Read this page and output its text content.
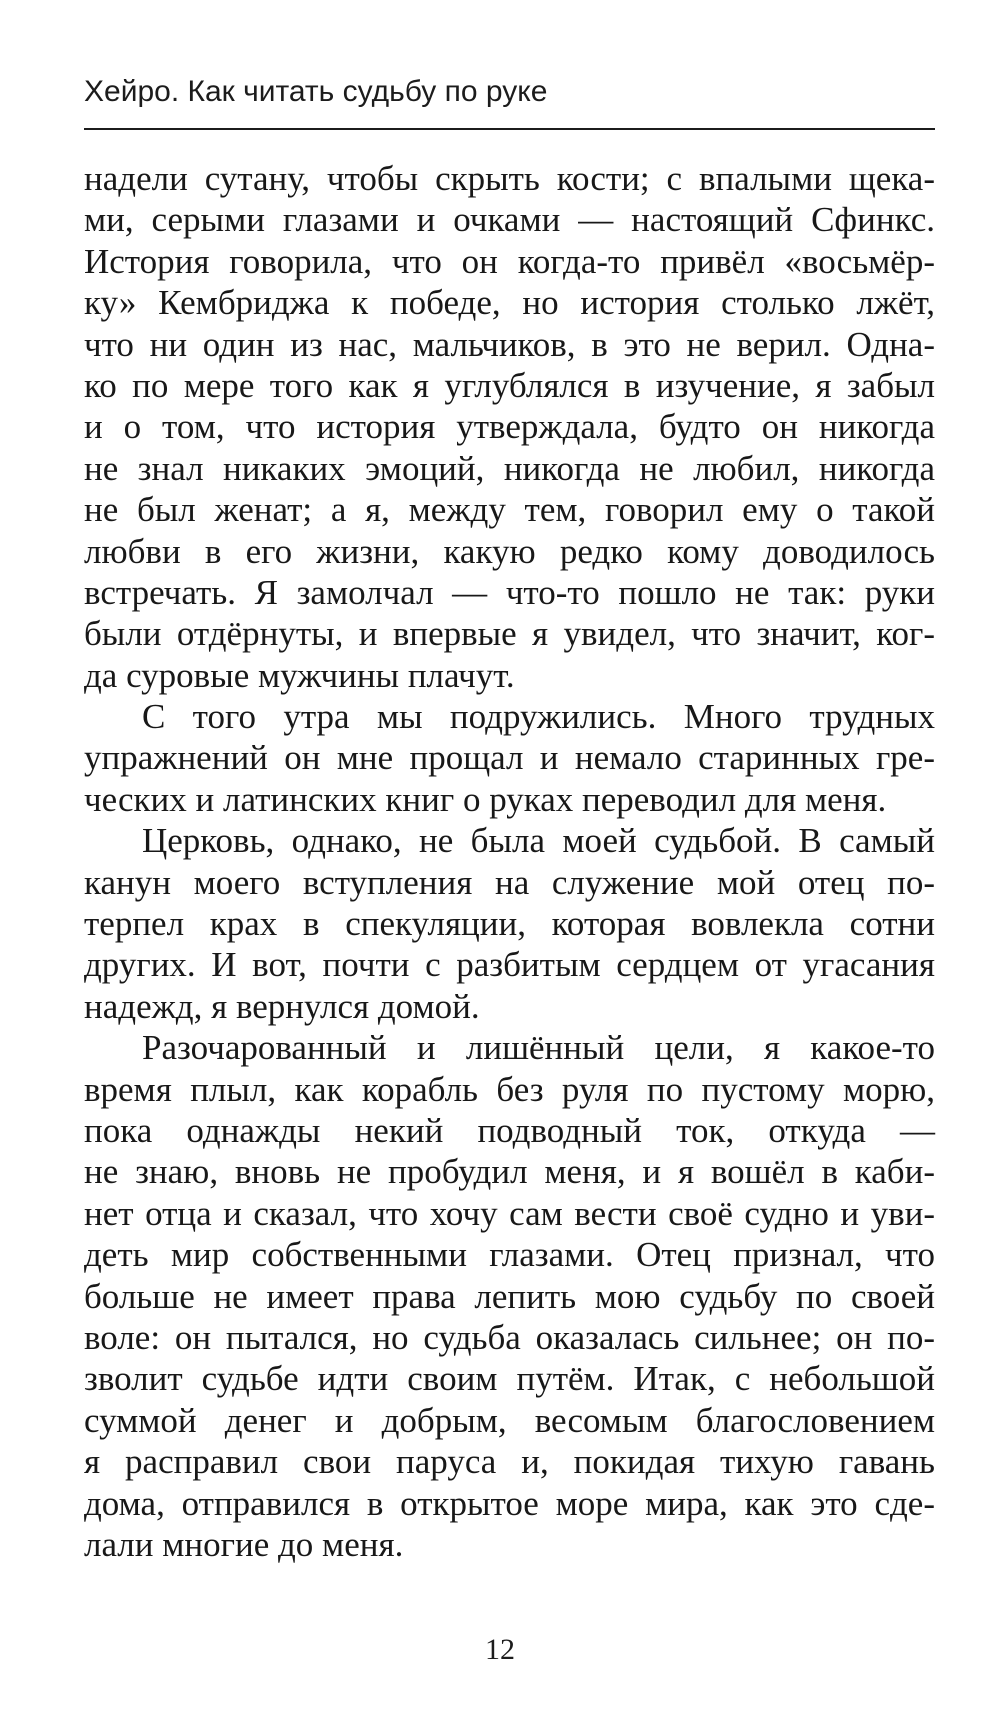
Хейро. Как читать судьбу по руке
надели сутану, чтобы скрыть кости; с впалыми щека-
ми, серыми глазами и очками — настоящий Сфинкс.
История говорила, что он когда-то привёл «восьмёр-
ку» Кембриджа к победе, но история столько лжёт,
что ни один из нас, мальчиков, в это не верил. Одна-
ко по мере того как я углублялся в изучение, я забыл
и о том, что история утверждала, будто он никогда
не знал никаких эмоций, никогда не любил, никогда
не был женат; а я, между тем, говорил ему о такой
любви в его жизни, какую редко кому доводилось
встречать. Я замолчал — что-то пошло не так: руки
были отдёрнуты, и впервые я увидел, что значит, ког-
да суровые мужчины плачут.
С того утра мы подружились. Много трудных
упражнений он мне прощал и немало старинных гре-
ческих и латинских книг о руках переводил для меня.
Церковь, однако, не была моей судьбой. В самый
канун моего вступления на служение мой отец по-
терпел крах в спекуляции, которая вовлекла сотни
других. И вот, почти с разбитым сердцем от угасания
надежд, я вернулся домой.
Разочарованный и лишённый цели, я какое-то
время плыл, как корабль без руля по пустому морю,
пока однажды некий подводный ток, откуда —
не знаю, вновь не пробудил меня, и я вошёл в каби-
нет отца и сказал, что хочу сам вести своё судно и уви-
деть мир собственными глазами. Отец признал, что
больше не имеет права лепить мою судьбу по своей
воле: он пытался, но судьба оказалась сильнее; он по-
зволит судьбе идти своим путём. Итак, с небольшой
суммой денег и добрым, весомым благословением
я расправил свои паруса и, покидая тихую гавань
дома, отправился в открытое море мира, как это сде-
лали многие до меня.
12
